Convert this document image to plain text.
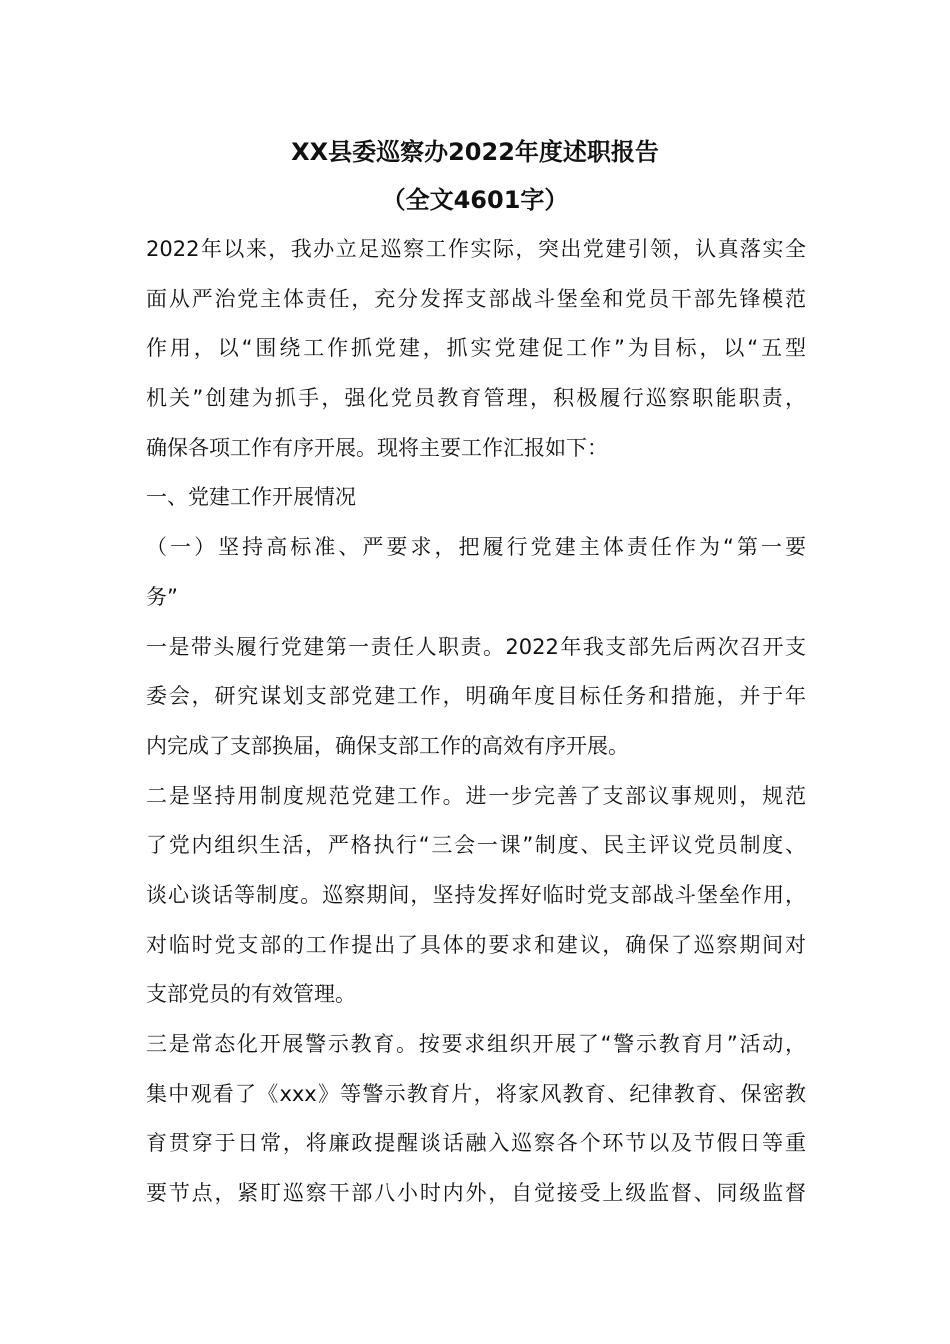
XX县委巡察办2022年度述职报告
（全文4601字）
2022年以来，我办立足巡察工作实际，突出党建引领，认真落实全
面从严治党主体责任，充分发挥支部战斗堡垒和党员干部先锋模范
作用，以“围绕工作抓党建，抓实党建促工作”为目标，以“五型
机关”创建为抓手，强化党员教育管理，积极履行巡察职能职责，
确保各项工作有序开展。现将主要工作汇报如下：
一、党建工作开展情况
（一）坚持高标准、严要求，把履行党建主体责任作为“第一要
务”
一是带头履行党建第一责任人职责。2022年我支部先后两次召开支
委会，研究谋划支部党建工作，明确年度目标任务和措施，并于年
内完成了支部换届，确保支部工作的高效有序开展。
二是坚持用制度规范党建工作。进一步完善了支部议事规则，规范
了党内组织生活，严格执行“三会一课”制度、民主评议党员制度、
谈心谈话等制度。巡察期间，坚持发挥好临时党支部战斗堡垒作用，
对临时党支部的工作提出了具体的要求和建议，确保了巡察期间对
支部党员的有效管理。
三是常态化开展警示教育。按要求组织开展了“警示教育月”活动，
集中观看了《xxx》等警示教育片，将家风教育、纪律教育、保密教
育贯穿于日常，将廉政提醒谈话融入巡察各个环节以及节假日等重
要节点，紧盯巡察干部八小时内外，自觉接受上级监督、同级监督
